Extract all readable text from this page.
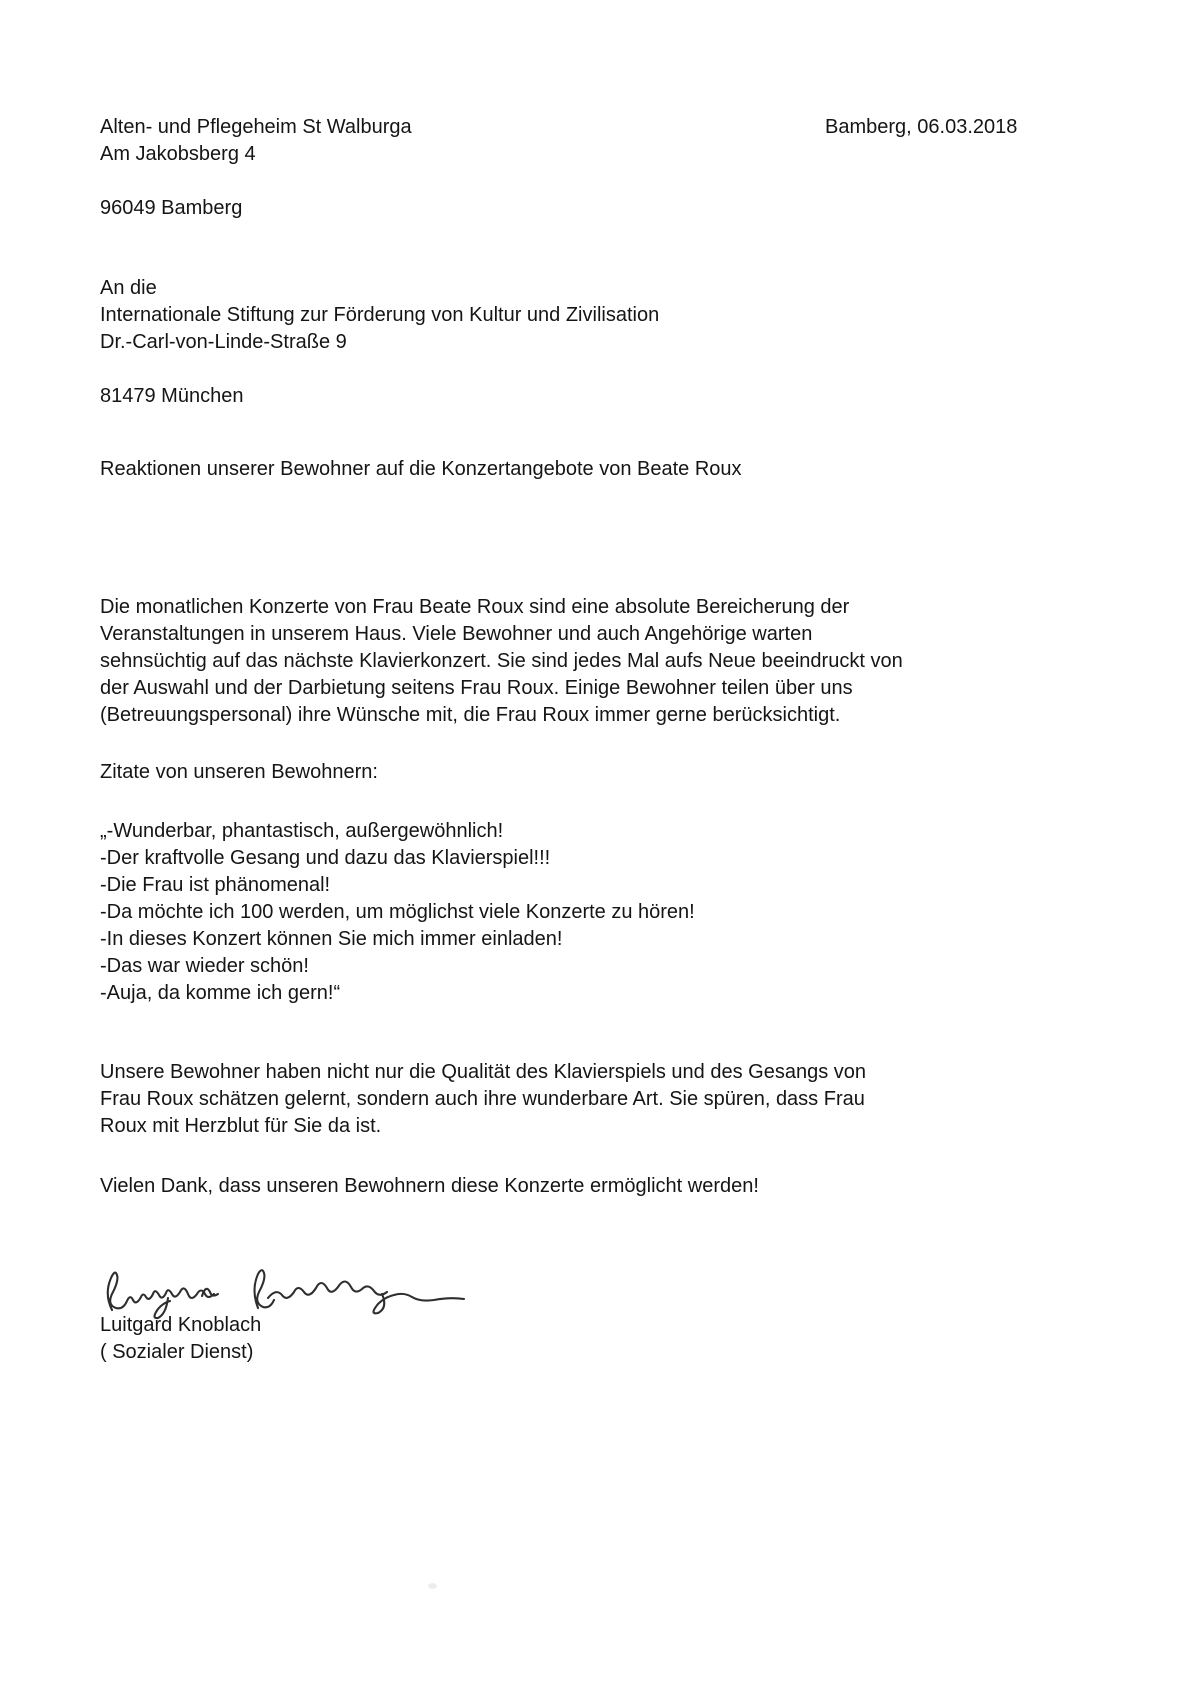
Alten- und Pflegeheim St Walburga
Am Jakobsberg 4
96049 Bamberg
Bamberg, 06.03.2018
An die
Internationale Stiftung zur Förderung von Kultur und Zivilisation
Dr.-Carl-von-Linde-Straße 9
81479 München
Reaktionen unserer Bewohner auf die Konzertangebote von Beate Roux
Die monatlichen Konzerte von Frau Beate Roux sind eine absolute Bereicherung der
Veranstaltungen in unserem Haus. Viele Bewohner und auch Angehörige warten
sehnsüchtig auf das nächste Klavierkonzert. Sie sind jedes Mal aufs Neue beeindruckt von
der Auswahl und der Darbietung seitens Frau Roux. Einige Bewohner teilen über uns
(Betreuungspersonal) ihre Wünsche mit, die Frau Roux immer gerne berücksichtigt.
Zitate von unseren Bewohnern:
„-Wunderbar, phantastisch, außergewöhnlich!
-Der kraftvolle Gesang und dazu das Klavierspiel!!!
-Die Frau ist phänomenal!
-Da möchte ich 100 werden, um möglichst viele Konzerte zu hören!
-In dieses Konzert können Sie mich immer einladen!
-Das war wieder schön!
-Auja, da komme ich gern!“
Unsere Bewohner haben nicht nur die Qualität des Klavierspiels und des Gesangs von
Frau Roux schätzen gelernt, sondern auch ihre wunderbare Art. Sie spüren, dass Frau
Roux mit Herzblut für Sie da ist.
Vielen Dank, dass unseren Bewohnern diese Konzerte ermöglicht werden!
Luitgard Knoblach
( Sozialer Dienst)
